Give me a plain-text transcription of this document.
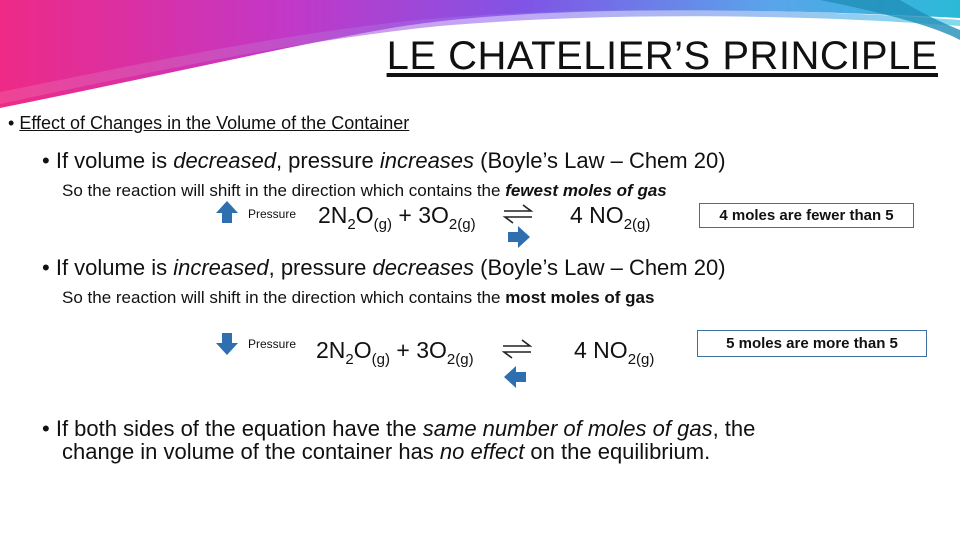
LE CHATELIER’S PRINCIPLE
• Effect of Changes in the Volume of the Container
• If volume is decreased, pressure increases (Boyle’s Law – Chem 20)
So the reaction will shift in the direction which contains the fewest moles of gas
Pressure $2N_2O_{(g)} + 3O_{2(g)}$	4 $NO_{2(g)}$
4 moles are fewer than 5
• If volume is increased, pressure decreases (Boyle’s Law – Chem 20)
So the reaction will shift in the direction which contains the most moles of gas
Pressure $2N_2O_{(g)} + 3O_{2(g)}$	4 $NO_{2(g)}$
5 moles are more than 5
• If both sides of the equation have the same number of moles of gas, the
change in volume of the container has no effect on the equilibrium.
